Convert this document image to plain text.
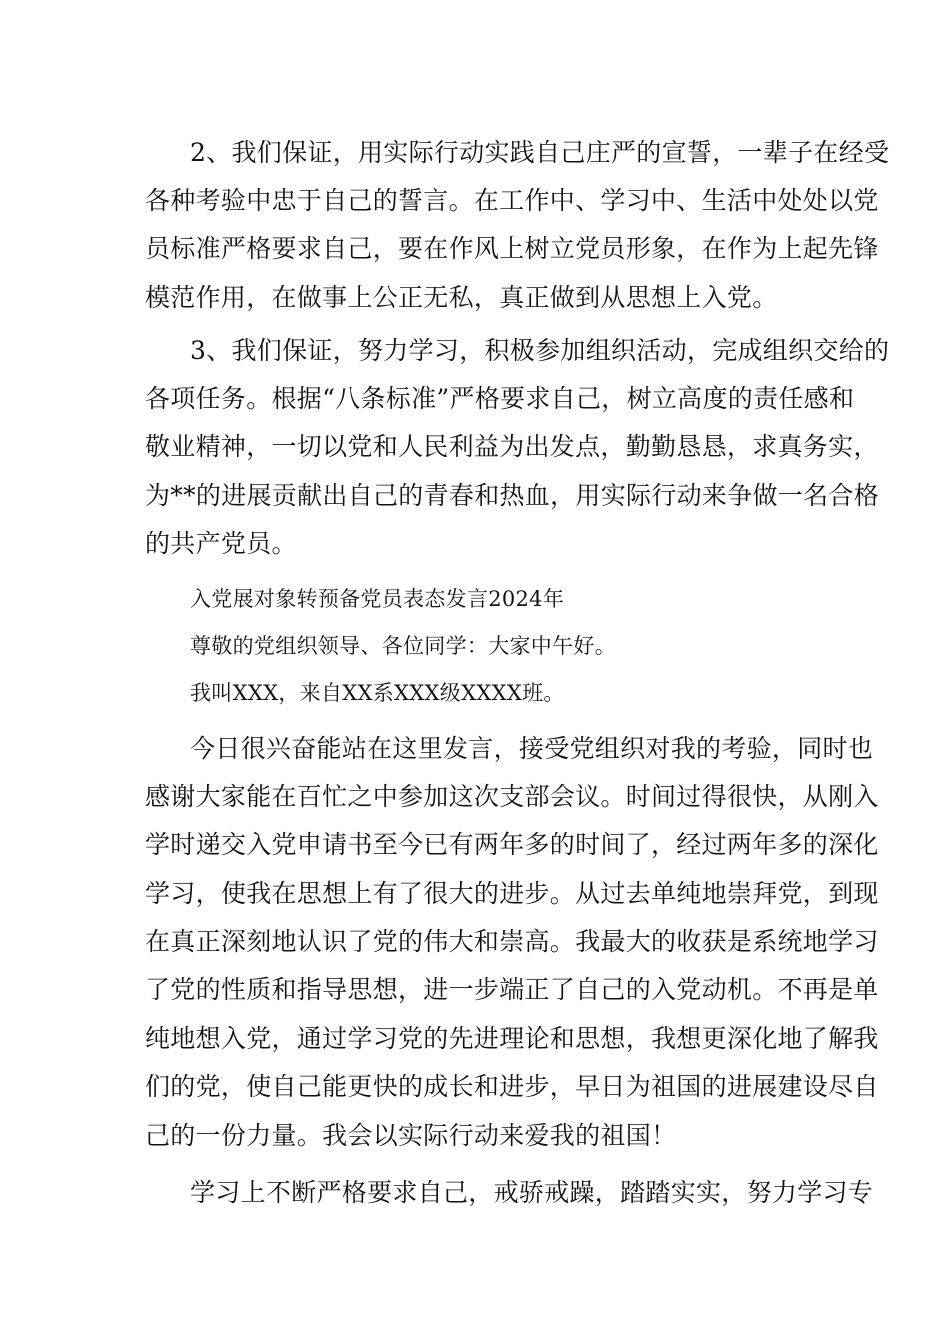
2、我们保证，用实际行动实践自己庄严的宣誓，一辈子在经受
各种考验中忠于自己的誓言。在工作中、学习中、生活中处处以党
员标准严格要求自己，要在作风上树立党员形象，在作为上起先锋
模范作用，在做事上公正无私，真正做到从思想上入党。
3、我们保证，努力学习，积极参加组织活动，完成组织交给的
各项任务。根据“八条标准”严格要求自己，树立高度的责任感和
敬业精神，一切以党和人民利益为出发点，勤勤恳恳，求真务实，
为**的进展贡献出自己的青春和热血，用实际行动来争做一名合格
的共产党员。
入党展对象转预备党员表态发言2024年
尊敬的党组织领导、各位同学：大家中午好。
我叫XXX，来自XX系XXX级XXXX班。
今日很兴奋能站在这里发言，接受党组织对我的考验，同时也
感谢大家能在百忙之中参加这次支部会议。时间过得很快，从刚入
学时递交入党申请书至今已有两年多的时间了，经过两年多的深化
学习，使我在思想上有了很大的进步。从过去单纯地崇拜党，到现
在真正深刻地认识了党的伟大和崇高。我最大的收获是系统地学习
了党的性质和指导思想，进一步端正了自己的入党动机。不再是单
纯地想入党，通过学习党的先进理论和思想，我想更深化地了解我
们的党，使自己能更快的成长和进步，早日为祖国的进展建设尽自
己的一份力量。我会以实际行动来爱我的祖国！
学习上不断严格要求自己，戒骄戒躁，踏踏实实，努力学习专
